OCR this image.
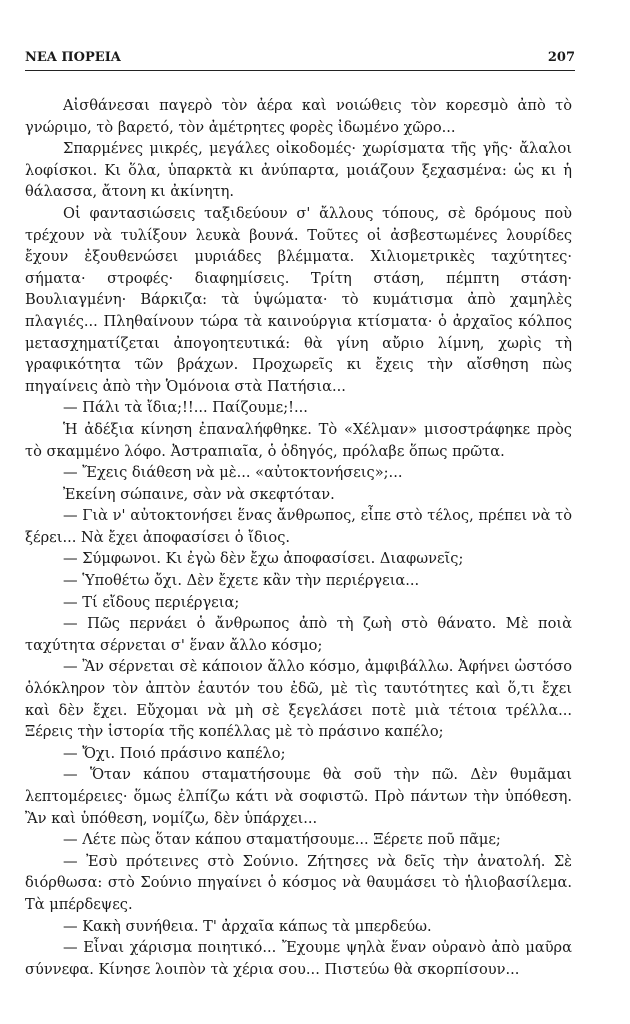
ΝΕΑ ΠΟΡΕΙΑ	207

Αἰσθάνεσαι παγερὸ τὸν ἀέρα καὶ νοιώθεις τὸν κορεσμὸ ἀπὸ τὸ γνώριμο, τὸ βαρετό, τὸν ἀμέτρητες φορὲς ἰδωμένο χῶρο...

Σπαρμένες μικρές, μεγάλες οἰκοδομές· χωρίσματα τῆς γῆς· ἄλαλοι λοφίσκοι. Κι ὅλα, ὑπαρκτὰ κι ἀνύπαρτα, μοιάζουν ξεχασμένα: ὡς κι ἡ θάλασσα, ἄτονη κι ἀκίνητη.

Οἱ φαντασιώσεις ταξιδεύουν σ' ἄλλους τόπους, σὲ δρόμους ποὺ τρέχουν νὰ τυλίξουν λευκὰ βουνά. Τοῦτες οἱ ἀσβεστωμένες λουρίδες ἔχουν ἐξουθενώσει μυριάδες βλέμματα. Χιλιομετρικὲς ταχύτητες· σήματα· στροφές· διαφημίσεις. Τρίτη στάση, πέμπτη στάση· Βουλιαγμένη· Βάρκιζα: τὰ ὑψώματα· τὸ κυμάτισμα ἀπὸ χαμηλὲς πλαγιές... Πληθαίνουν τώρα τὰ καινούργια κτίσματα· ὁ ἀρχαῖος κόλπος μετασχηματίζεται ἀπογοητευτικά: θὰ γίνη αὔριο λίμνη, χωρὶς τὴ γραφικότητα τῶν βράχων. Προχωρεῖς κι ἔχεις τὴν αἴσθηση πὼς πηγαίνεις ἀπὸ τὴν Ὁμόνοια στὰ Πατήσια...

— Πάλι τὰ ἴδια;!!... Παίζουμε;!...

Ἡ ἀδέξια κίνηση ἐπαναλήφθηκε. Τὸ «Χέλμαν» μισοστράφηκε πρὸς τὸ σκαμμένο λόφο. Ἀστραπιαῖα, ὁ ὁδηγός, πρόλαβε ὅπως πρῶτα.

— Ἔχεις διάθεση νὰ μὲ... «αὐτοκτονήσεις»;...

Ἐκείνη σώπαινε, σὰν νὰ σκεφτόταν.

— Γιὰ ν' αὐτοκτονήσει ἕνας ἄνθρωπος, εἶπε στὸ τέλος, πρέπει νὰ τὸ ξέρει... Νὰ ἔχει ἀποφασίσει ὁ ἴδιος.

— Σύμφωνοι. Κι ἐγὼ δὲν ἔχω ἀποφασίσει. Διαφωνεῖς;

— Ὑποθέτω ὄχι. Δὲν ἔχετε κἂν τὴν περιέργεια...

— Τί εἴδους περιέργεια;

— Πῶς περνάει ὁ ἄνθρωπος ἀπὸ τὴ ζωὴ στὸ θάνατο. Μὲ ποιὰ ταχύτητα σέρνεται σ' ἕναν ἄλλο κόσμο;

— Ἂν σέρνεται σὲ κάποιον ἄλλο κόσμο, ἀμφιβάλλω. Ἀφήνει ὡστόσο ὁλόκληρον τὸν ἀπτὸν ἑαυτόν του ἐδῶ, μὲ τὶς ταυτότητες καὶ ὅ,τι ἔχει καὶ δὲν ἔχει. Εὔχομαι νὰ μὴ σὲ ξεγελάσει ποτὲ μιὰ τέτοια τρέλλα... Ξέρεις τὴν ἱστορία τῆς κοπέλλας μὲ τὸ πράσινο καπέλο;

— Ὄχι. Ποιό πράσινο καπέλο;

— Ὅταν κάπου σταματήσουμε θὰ σοῦ τὴν πῶ. Δὲν θυμᾶμαι λεπτομέρειες· ὅμως ἐλπίζω κάτι νὰ σοφιστῶ. Πρὸ πάντων τὴν ὑπόθεση. Ἂν καὶ ὑπόθεση, νομίζω, δὲν ὑπάρχει...

— Λέτε πὼς ὅταν κάπου σταματήσουμε... Ξέρετε ποῦ πᾶμε;

— Ἐσὺ πρότεινες στὸ Σούνιο. Ζήτησες νὰ δεῖς τὴν ἀνατολή. Σὲ διόρθωσα: στὸ Σούνιο πηγαίνει ὁ κόσμος νὰ θαυμάσει τὸ ἡλιοβασίλεμα. Τὰ μπέρδεψες.

— Κακὴ συνήθεια. Τ' ἀρχαῖα κάπως τὰ μπερδεύω.

— Εἶναι χάρισμα ποιητικό... Ἔχουμε ψηλὰ ἕναν οὐρανὸ ἀπὸ μαῦρα σύννεφα. Κίνησε λοιπὸν τὰ χέρια σου... Πιστεύω θὰ σκορπίσουν...
